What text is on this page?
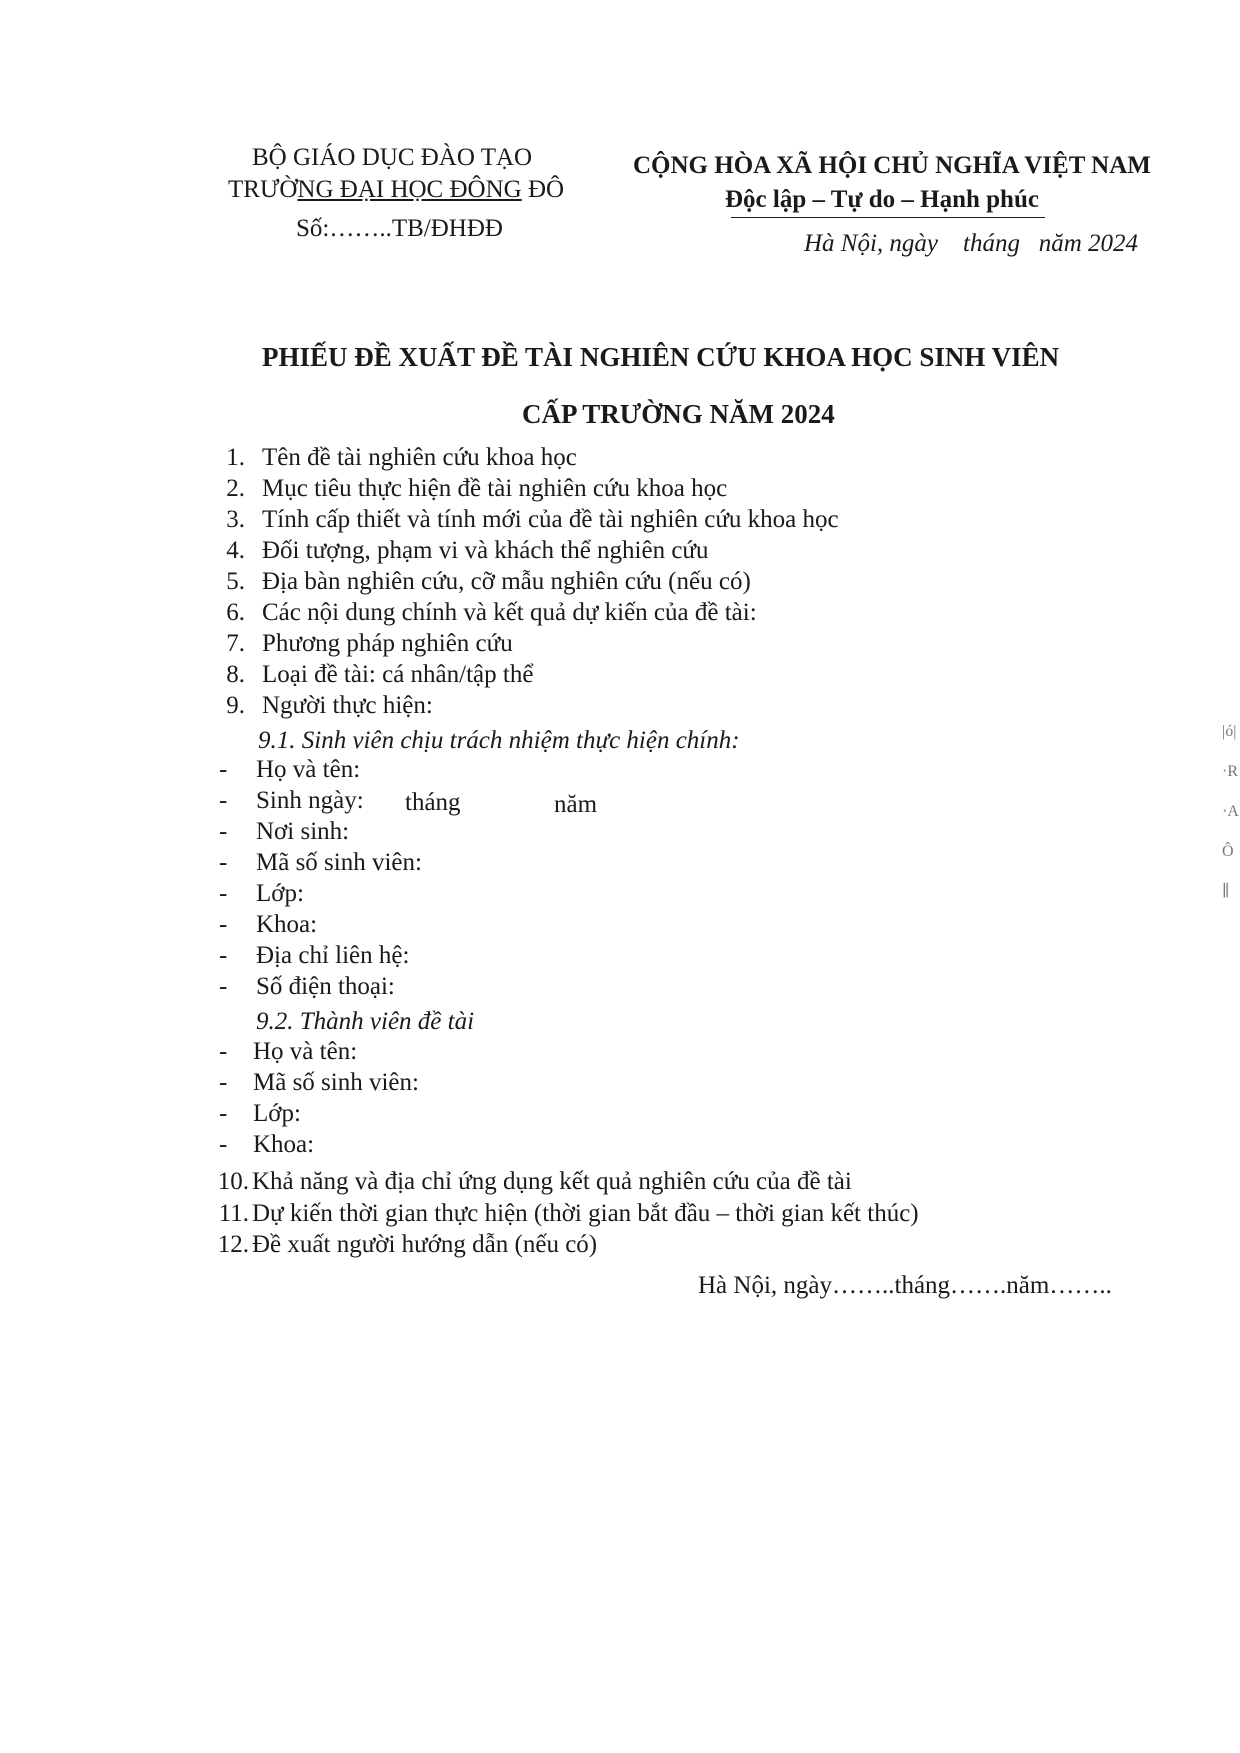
BỘ GIÁO DỤC ĐÀO TẠO
TRƯỜNG ĐẠI HỌC ĐÔNG ĐÔ
Số:……..TB/ĐHĐĐ
CỘNG HÒA XÃ HỘI CHỦ NGHĨA VIỆT NAM
Độc lập – Tự do – Hạnh phúc
Hà Nội, ngày    tháng   năm 2024
PHIẾU ĐỀ XUẤT ĐỀ TÀI NGHIÊN CỨU KHOA HỌC SINH VIÊN
CẤP TRƯỜNG NĂM 2024
1. Tên đề tài nghiên cứu khoa học
2. Mục tiêu thực hiện đề tài nghiên cứu khoa học
3. Tính cấp thiết và tính mới của đề tài nghiên cứu khoa học
4. Đối tượng, phạm vi và khách thể nghiên cứu
5. Địa bàn nghiên cứu, cỡ mẫu nghiên cứu (nếu có)
6. Các nội dung chính và kết quả dự kiến của đề tài:
7. Phương pháp nghiên cứu
8. Loại đề tài: cá nhân/tập thể
9. Người thực hiện:
9.1. Sinh viên chịu trách nhiệm thực hiện chính:
- Họ và tên:
- Sinh ngày: tháng	năm
- Nơi sinh:
- Mã số sinh viên:
- Lớp:
- Khoa:
- Địa chỉ liên hệ:
- Số điện thoại:
9.2. Thành viên đề tài
- Họ và tên:
- Mã số sinh viên:
- Lớp:
- Khoa:
10. Khả năng và địa chỉ ứng dụng kết quả nghiên cứu của đề tài
11. Dự kiến thời gian thực hiện (thời gian bắt đầu – thời gian kết thúc)
12. Đề xuất người hướng dẫn (nếu có)
Hà Nội, ngày……..tháng…….năm……..
|ó| ·R ·A Ô ∥
